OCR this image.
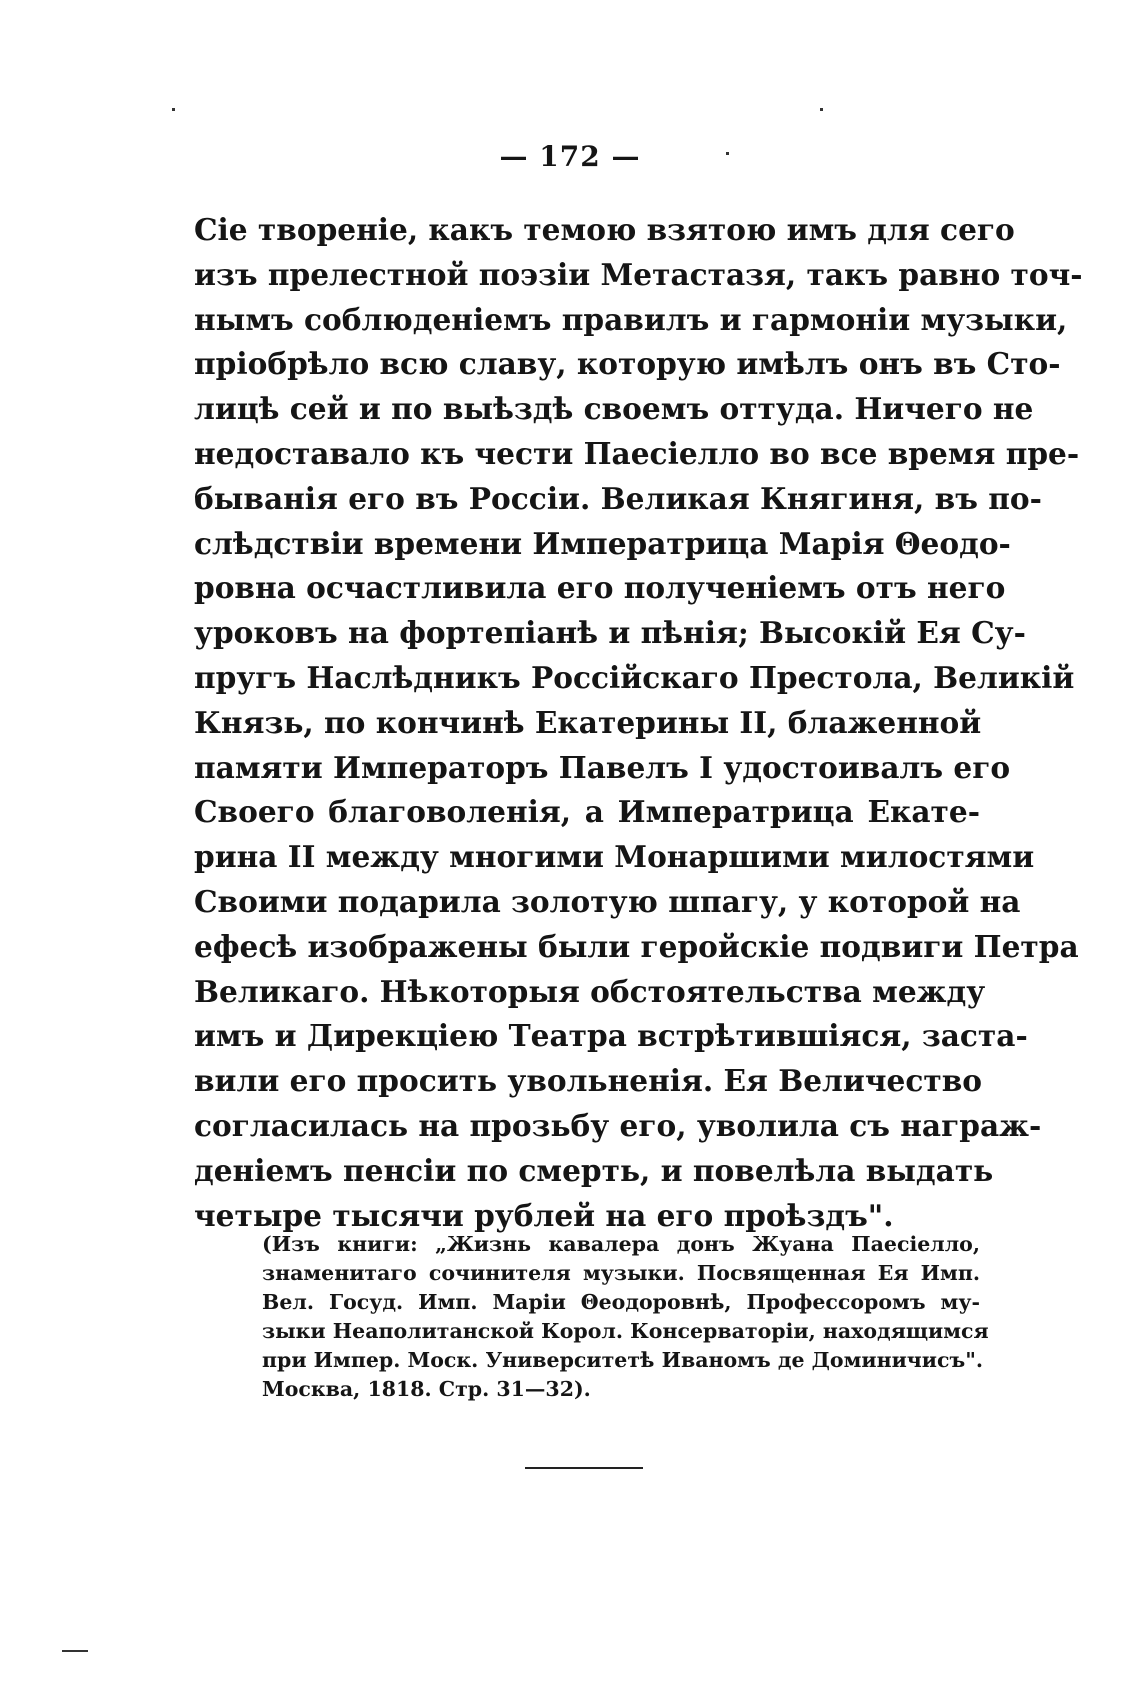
— 172 —
Сіе творенie, какъ темою взятою имъ для сего
изъ прелестной поэзiи Метастазя, такъ равно точ-
нымъ соблюденiемъ правилъ и гармонiи музыки,
прiобрѣло всю славу, которую имѣлъ онъ въ Сто-
лицѣ сей и по выѣздѣ своемъ оттуда. Ничего не
недоставало къ чести Паесiелло во все время пре-
быванія его въ Россiи. Великая Княгиня, въ по-
слѣдствiи времени Императрица Марiя Θеодо-
ровна осчастливила его полученiемъ отъ него
уроковъ на фортепiанѣ и пѣнія; Высокiй Ея Су-
пругъ Наслѣдникъ Россiйскаго Престола, Великiй
Князь, по кончинѣ Екатерины II, блаженной
памяти Императоръ Павелъ I удостоивалъ его
Своего благоволенія, а Императрица Екате-
рина II между многими Монаршими милостями
Своими подарила золотую шпагу, у которой на
ефесѣ изображены были геройскiе подвиги Петра
Великаго. Нѣкоторыя обстоятельства между
имъ и Дирекцiею Театра встрѣтившiяся, заста-
вили его просить увольненія. Ея Величество
согласилась на прозьбу его, уволила съ награж-
денiемъ пенсiи по смерть, и повелѣла выдать
четыре тысячи рублей на его проѣздъ".
(Изъ книги: „Жизнь кавалера донъ Жуана Паесiелло,
знаменитаго сочинителя музыки. Посвященная Ея Имп.
Вел. Госуд. Имп. Марiи Θеодоровнѣ, Профессоромъ му-
зыки Неаполитанской Корол. Консерваторiи, находящимся
при Импер. Моск. Университетѣ Иваномъ де Доминичисъ".
Москва, 1818. Стр. 31—32).
